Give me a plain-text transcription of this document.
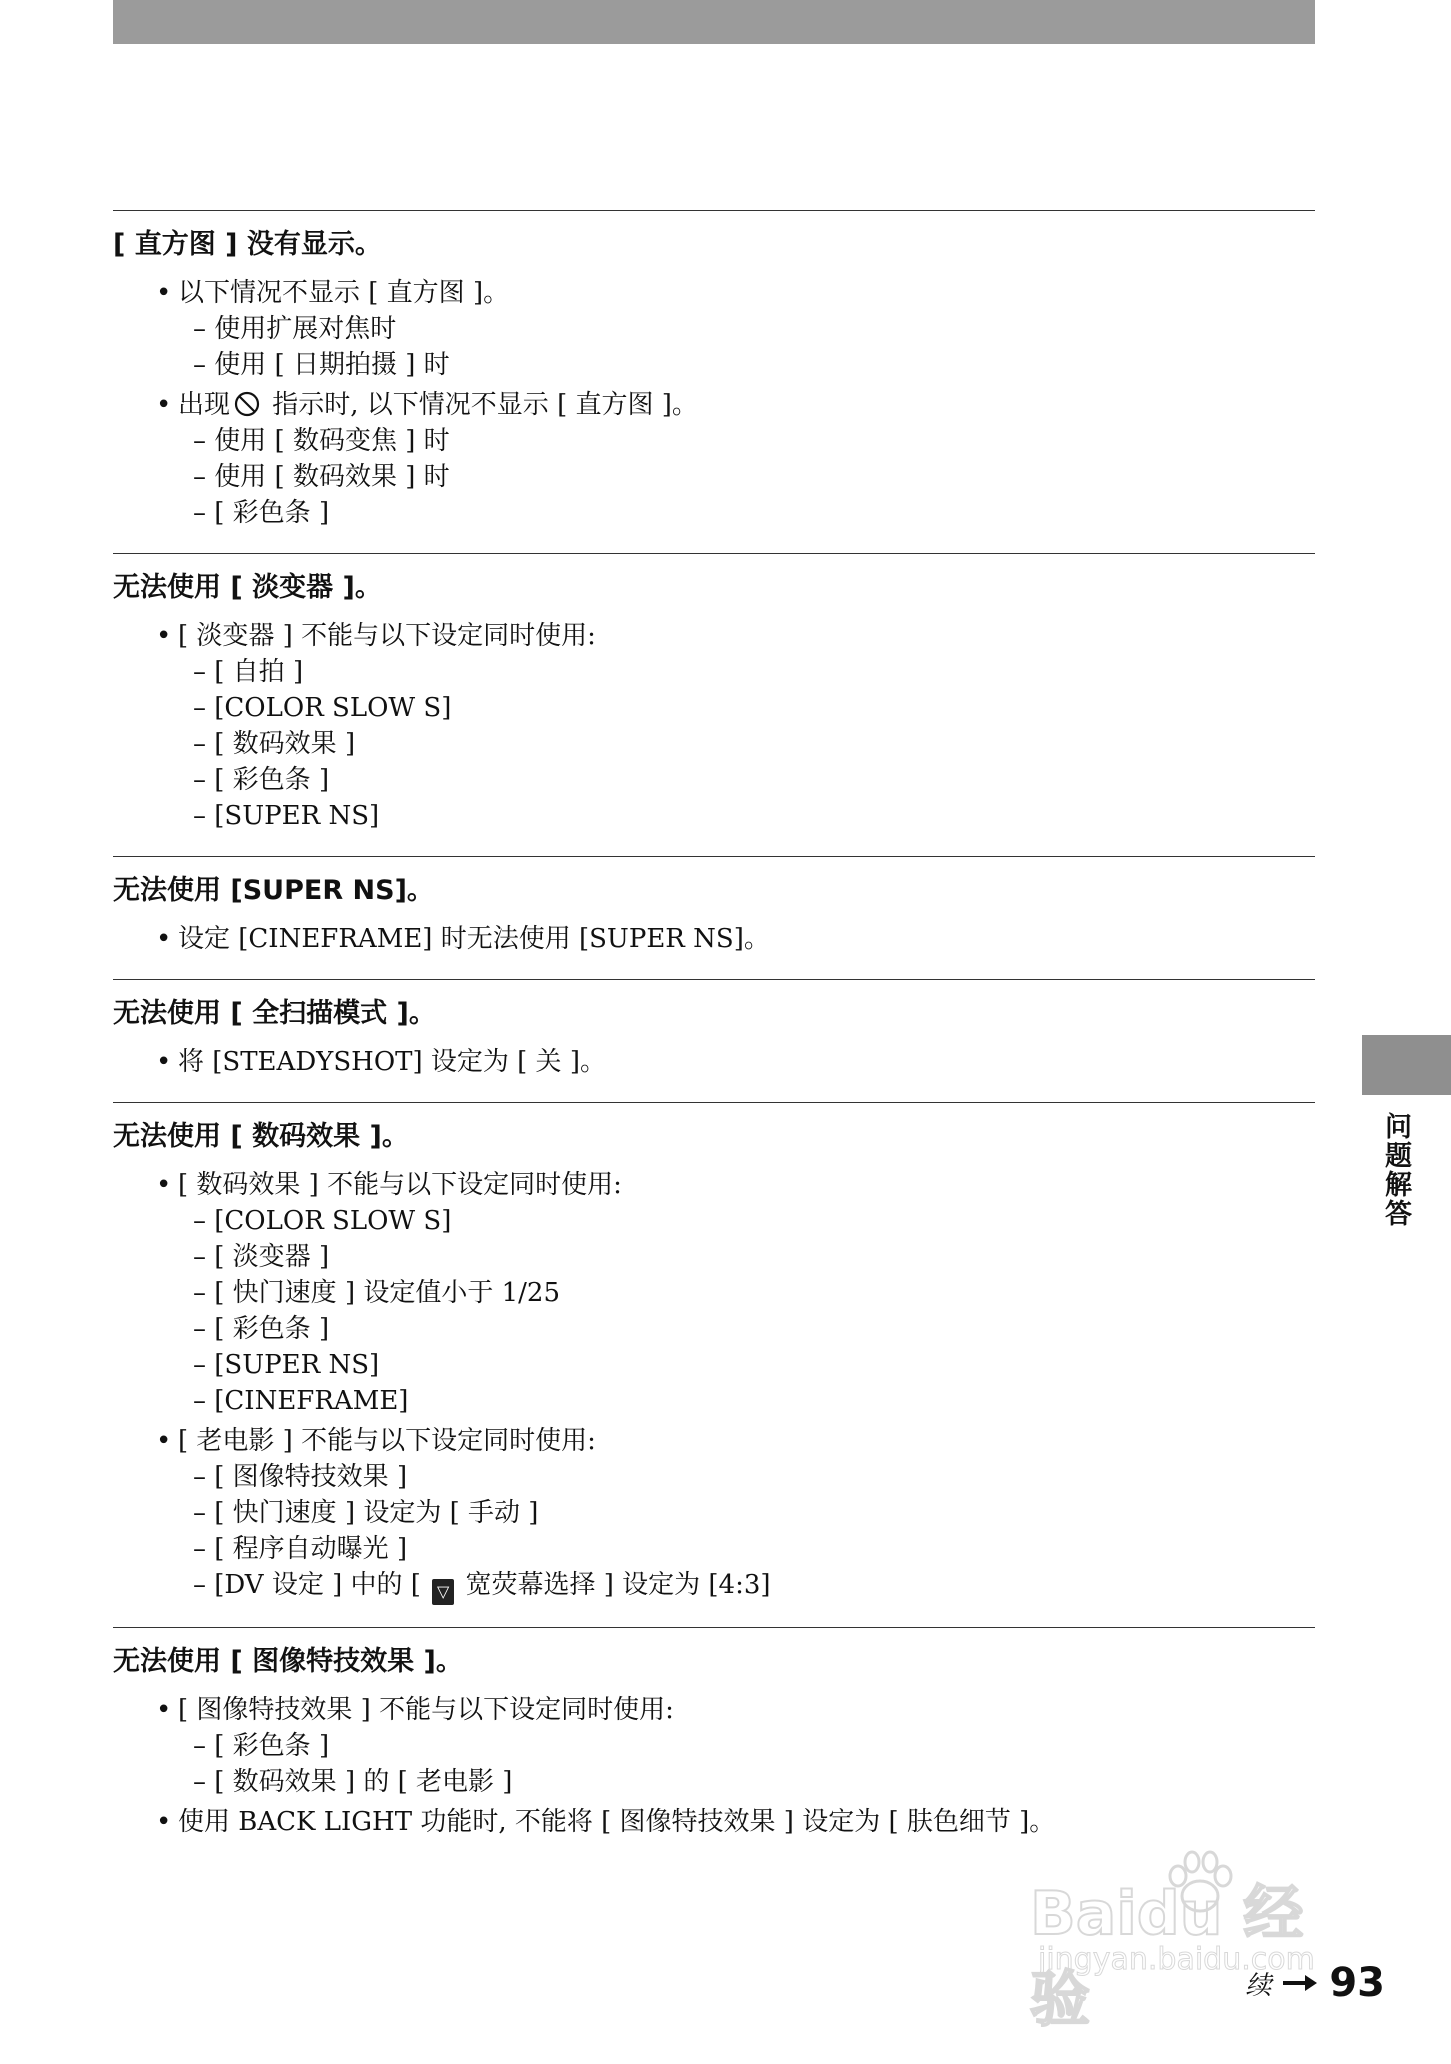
[ 直方图 ] 没有显示。
• 以下情况不显示 [ 直方图 ]。
– 使用扩展对焦时
– 使用 [ 日期拍摄 ] 时
• 出现 指示时, 以下情况不显示 [ 直方图 ]。
– 使用 [ 数码变焦 ] 时
– 使用 [ 数码效果 ] 时
– [ 彩色条 ]
无法使用 [ 淡变器 ]。
• [ 淡变器 ] 不能与以下设定同时使用:
– [ 自拍 ]
– [COLOR SLOW S]
– [ 数码效果 ]
– [ 彩色条 ]
– [SUPER NS]
无法使用 [SUPER NS]。
• 设定 [CINEFRAME] 时无法使用 [SUPER NS]。
无法使用 [ 全扫描模式 ]。
• 将 [STEADYSHOT] 设定为 [ 关 ]。
无法使用 [ 数码效果 ]。
• [ 数码效果 ] 不能与以下设定同时使用:
– [COLOR SLOW S]
– [ 淡变器 ]
– [ 快门速度 ] 设定值小于 1/25
– [ 彩色条 ]
– [SUPER NS]
– [CINEFRAME]
• [ 老电影 ] 不能与以下设定同时使用:
– [ 图像特技效果 ]
– [ 快门速度 ] 设定为 [ 手动 ]
– [ 程序自动曝光 ]
– [DV 设定 ] 中的 [ ▽ 宽荧幕选择 ] 设定为 [4:3]
无法使用 [ 图像特技效果 ]。
• [ 图像特技效果 ] 不能与以下设定同时使用:
– [ 彩色条 ]
– [ 数码效果 ] 的 [ 老电影 ]
• 使用 BACK LIGHT 功能时, 不能将 [ 图像特技效果 ] 设定为 [ 肤色细节 ]。
问题解答
Baidu 经验
jingyan.baidu.com
续 93
